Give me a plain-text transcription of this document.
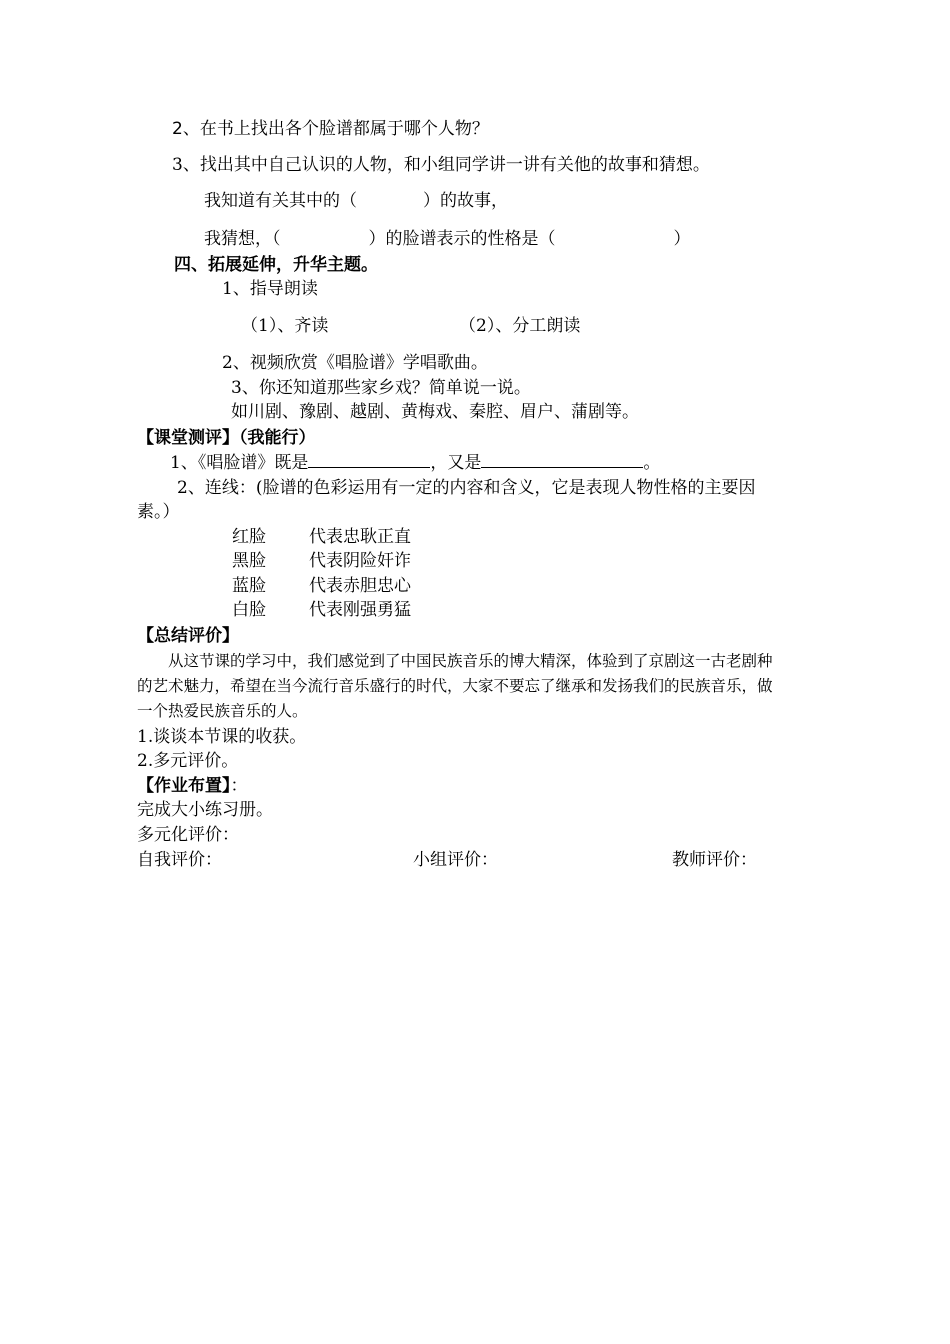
2、在书上找出各个脸谱都属于哪个人物？
3、找出其中自己认识的人物，和小组同学讲一讲有关他的故事和猜想。
我知道有关其中的（	）的故事，
我猜想，（	）的脸谱表示的性格是（	）
四、拓展延伸，升华主题。
1、指导朗读
（1）、齐读	（2）、分工朗读
2、视频欣赏《唱脸谱》学唱歌曲。
3、你还知道那些家乡戏？简单说一说。
如川剧、豫剧、越剧、黄梅戏、秦腔、眉户、蒲剧等。
【课堂测评】（我能行）
1、《唱脸谱》既是	，又是	。
2、连线：(脸谱的色彩运用有一定的内容和含义，它是表现人物性格的主要因
素。）
红脸	代表忠耿正直
黑脸	代表阴险奸诈
蓝脸	代表赤胆忠心
白脸	代表刚强勇猛
【总结评价】
从这节课的学习中，我们感觉到了中国民族音乐的博大精深，体验到了京剧这一古老剧种
的艺术魅力，希望在当今流行音乐盛行的时代，大家不要忘了继承和发扬我们的民族音乐，做
一个热爱民族音乐的人。
1.谈谈本节课的收获。
2.多元评价。
【作业布置】：
完成大小练习册。
多元化评价：
自我评价：	小组评价：	教师评价：
